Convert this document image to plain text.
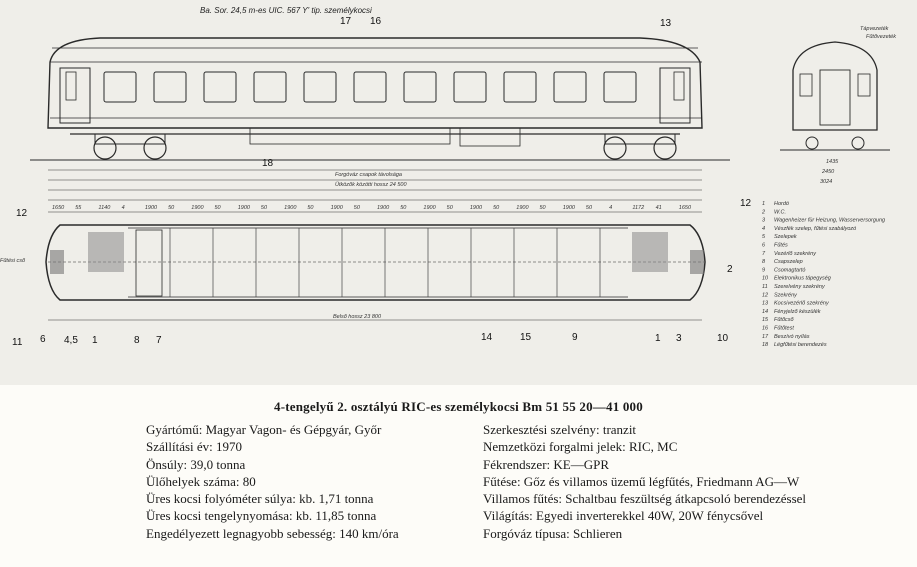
Ba. Sor. 24,5 m-es UIC. 567 Y' tip. személykocsi
Forgóváz csapok távolsága
Ütközők közötti hossz 24 500
Tápvezeték
Fűtővezeték
1435
2450
3024
1650 55	1140 4	1900 50	1900 50	1900 50	1900 50	1900 50	1900 50	1900 50	1900 50	1900 50	1900 50	4	1172 41	1650
Belső hossz 23 800
Fűtési cső
17 16	13
12
12
11 6 4,5 1	8 7	14	15	9	1 3	10
18
2
1 Hordó
2 W.C.
3 Wagenheizer für Heizung, Wasserversorgung
4 Vészfék szelep, fűtési szabályozó
5 Szelepek
6 Fűtés
7 Vezérlő szekrény
8 Csapszelep
9 Csomagtartó
10 Elektronikus tápegység
11 Szerelvény szekrény
12 Szekrény
13 Kocsivezérlő szekrény
14 Fényjelző készülék
15 Fűtőcső
16 Fűtőtest
17 Beszívó nyílás
18 Légfűtési berendezés
4-tengelyű 2. osztályú RIC-es személykocsi Bm 51 55 20—41 000
Gyártómű: Magyar Vagon- és Gépgyár, Győr
Szállítási év: 1970
Önsúly: 39,0 tonna
Ülőhelyek száma: 80
Üres kocsi folyóméter súlya: kb. 1,71 tonna
Üres kocsi tengelynyomása: kb. 11,85 tonna
Engedélyezett legnagyobb sebesség: 140 km/óra
Szerkesztési szelvény: tranzit
Nemzetközi forgalmi jelek: RIC, MC
Fékrendszer: KE—GPR
Fűtése: Gőz és villamos üzemű légfűtés, Friedmann AG—W
Villamos fűtés: Schaltbau feszültség átkapcsoló berendezéssel
Világítás: Egyedi inverterekkel 40W, 20W fénycsővel
Forgóváz típusa: Schlieren
